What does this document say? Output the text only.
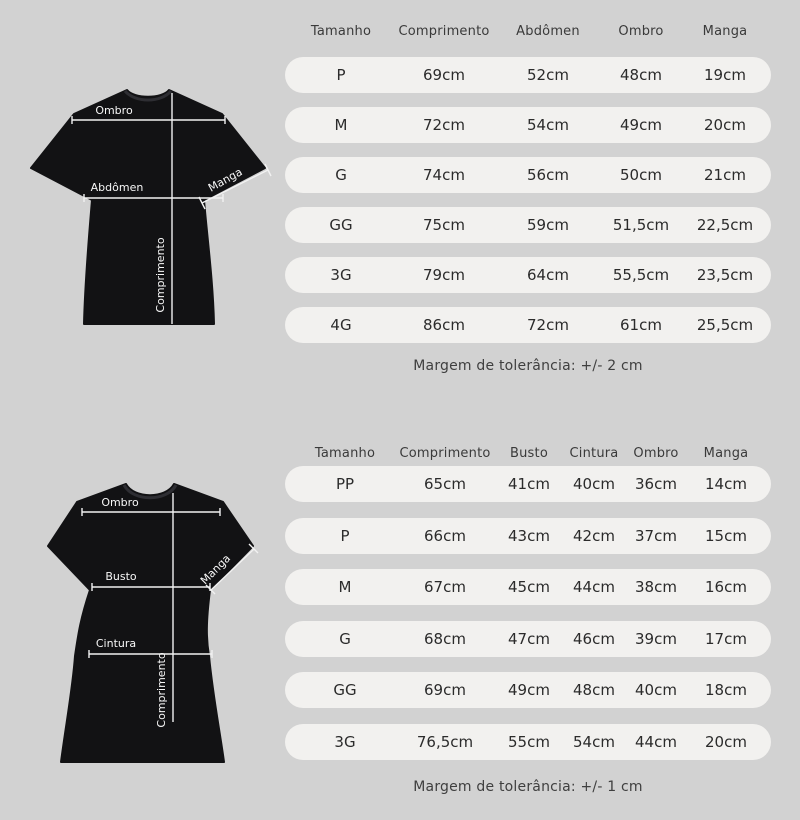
Ombro
Abdômen
Comprimento
Manga
Tamanho	Comprimento	Abdômen	Ombro	Manga
P	69cm	52cm	48cm	19cm
M	72cm	54cm	49cm	20cm
G	74cm	56cm	50cm	21cm
GG	75cm	59cm	51,5cm	22,5cm
3G	79cm	64cm	55,5cm	23,5cm
4G	86cm	72cm	61cm	25,5cm
Margem de tolerância: +/- 2 cm
Ombro
Busto
Cintura
Comprimento
Manga
Tamanho	Comprimento	Busto	Cintura	Ombro	Manga
PP	65cm	41cm	40cm	36cm	14cm
P	66cm	43cm	42cm	37cm	15cm
M	67cm	45cm	44cm	38cm	16cm
G	68cm	47cm	46cm	39cm	17cm
GG	69cm	49cm	48cm	40cm	18cm
3G	76,5cm	55cm	54cm	44cm	20cm
Margem de tolerância: +/- 1 cm
